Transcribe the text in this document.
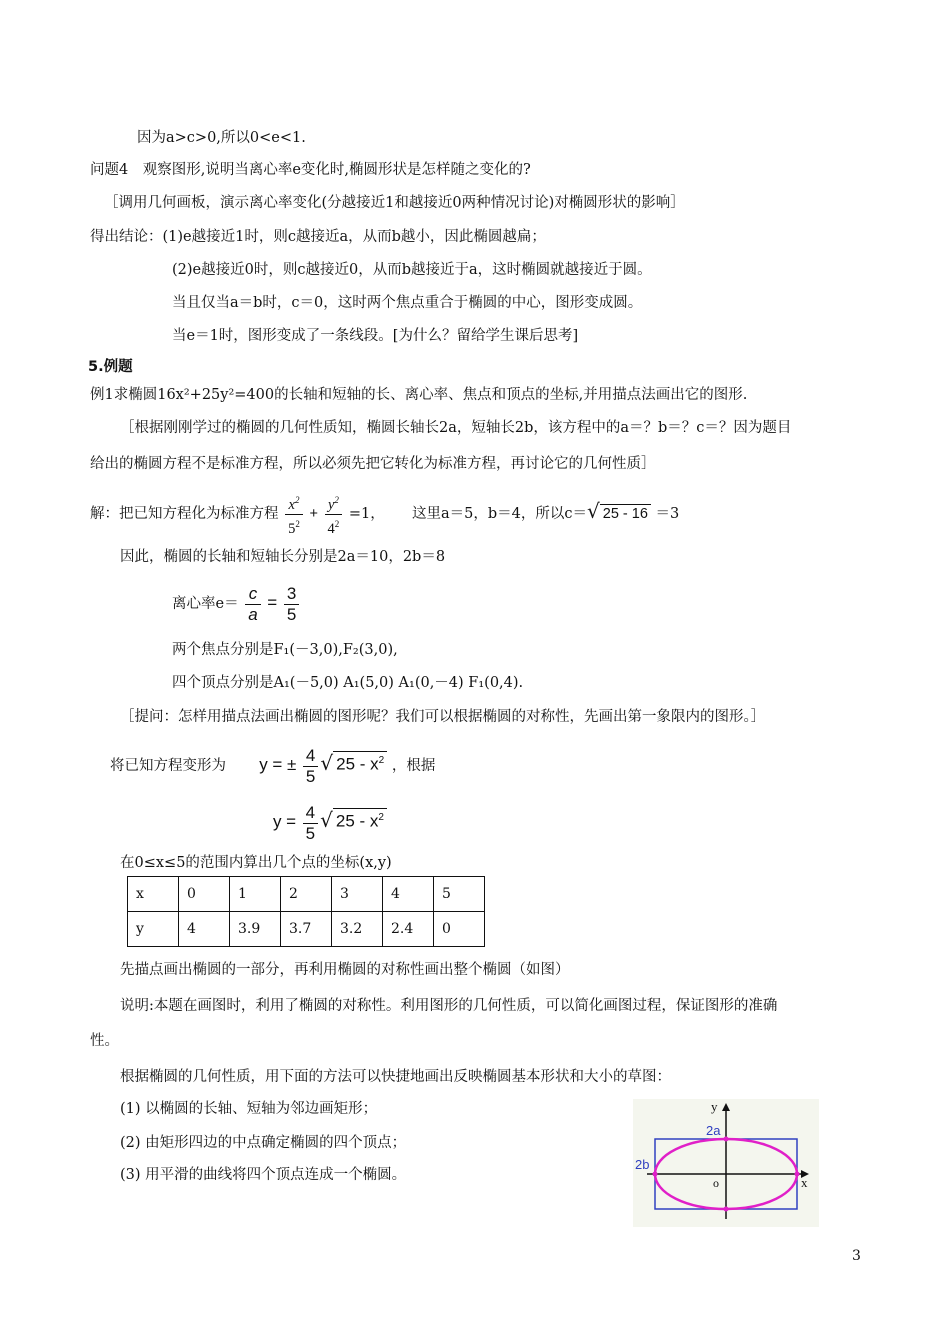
因为a>c>0,所以0<e<1.
问题4　观察图形,说明当离心率e变化时,椭圆形状是怎样随之变化的?
［调用几何画板，演示离心率变化(分越接近1和越接近0两种情况讨论)对椭圆形状的影响］
得出结论：(1)e越接近1时，则c越接近a，从而b越小，因此椭圆越扁；
(2)e越接近0时，则c越接近0，从而b越接近于a，这时椭圆就越接近于圆。
当且仅当a＝b时，c＝0，这时两个焦点重合于椭圆的中心，图形变成圆。
当e＝1时，图形变成了一条线段。[为什么？留给学生课后思考]
5.例题
例1求椭圆16x²+25y²=400的长轴和短轴的长、离心率、焦点和顶点的坐标,并用描点法画出它的图形.
［根据刚刚学过的椭圆的几何性质知，椭圆长轴长2a，短轴长2b，该方程中的a＝？b＝？c＝？因为题目
给出的椭圆方程不是标准方程，所以必须先把它转化为标准方程，再讨论它的几何性质］
解：把已知方程化为标准方程 $\frac{x^2}{5^2} + \frac{y^2}{4^2} =1$， 这里a＝5，b＝4，所以c＝√ 25 - 16 ＝3
因此，椭圆的长轴和短轴长分别是2a＝10，2b＝8
离心率$e= \frac{c}{a} = \frac{3}{5}$
两个焦点分别是F₁(－3,0),F₂(3,0),
四个顶点分别是A₁(－5,0) A₁(5,0) A₁(0,－4) F₁(0,4).
［提问：怎样用描点法画出椭圆的图形呢？我们可以根据椭圆的对称性，先画出第一象限内的图形。］
将已知方程变形为 y = ± $\frac{4}{5}$ √ $25 - x^2$ ，根据
$y = \frac{4}{5}$ √ $25 - x^2$
在0≤x≤5的范围内算出几个点的坐标(x,y)
x	0	1	2	3	4	5
y	4	3.9	3.7	3.2	2.4	0
先描点画出椭圆的一部分，再利用椭圆的对称性画出整个椭圆（如图）
说明:本题在画图时，利用了椭圆的对称性。利用图形的几何性质，可以简化画图过程，保证图形的准确
性。
根据椭圆的几何性质，用下面的方法可以快捷地画出反映椭圆基本形状和大小的草图：
(1) 以椭圆的长轴、短轴为邻边画矩形；
(2) 由矩形四边的中点确定椭圆的四个顶点；
(3) 用平滑的曲线将四个顶点连成一个椭圆。
y
x
o
2a
2b
3
